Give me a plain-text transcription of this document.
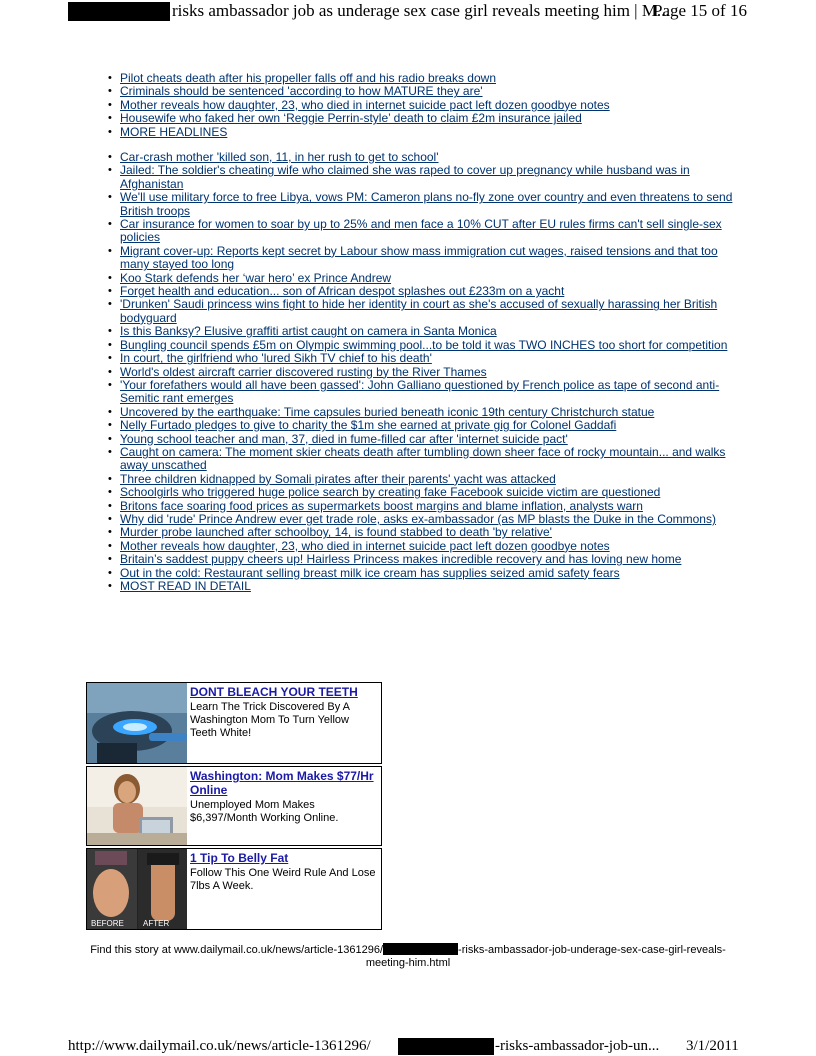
risks ambassador job as underage sex case girl reveals meeting him | M...
Page 15 of 16
• Pilot cheats death after his propeller falls off and his radio breaks down
• Criminals should be sentenced 'according to how MATURE they are'
• Mother reveals how daughter, 23, who died in internet suicide pact left dozen goodbye notes
• Housewife who faked her own ‘Reggie Perrin-style’ death to claim £2m insurance jailed
• MORE HEADLINES
• Car-crash mother 'killed son, 11, in her rush to get to school'
• Jailed: The soldier's cheating wife who claimed she was raped to cover up pregnancy while husband was in Afghanistan
• We'll use military force to free Libya, vows PM: Cameron plans no-fly zone over country and even threatens to send British troops
• Car insurance for women to soar by up to 25% and men face a 10% CUT after EU rules firms can't sell single-sex policies
• Migrant cover-up: Reports kept secret by Labour show mass immigration cut wages, raised tensions and that too many stayed too long
• Koo Stark defends her ‘war hero’ ex Prince Andrew
• Forget health and education... son of African despot splashes out £233m on a yacht
• 'Drunken' Saudi princess wins fight to hide her identity in court as she's accused of sexually harassing her British bodyguard
• Is this Banksy? Elusive graffiti artist caught on camera in Santa Monica
• Bungling council spends £5m on Olympic swimming pool...to be told it was TWO INCHES too short for competition
• In court, the girlfriend who 'lured Sikh TV chief to his death'
• World's oldest aircraft carrier discovered rusting by the River Thames
• 'Your forefathers would all have been gassed': John Galliano questioned by French police as tape of second anti-Semitic rant emerges
• Uncovered by the earthquake: Time capsules buried beneath iconic 19th century Christchurch statue
• Nelly Furtado pledges to give to charity the $1m she earned at private gig for Colonel Gaddafi
• Young school teacher and man, 37, died in fume-filled car after 'internet suicide pact'
• Caught on camera: The moment skier cheats death after tumbling down sheer face of rocky mountain... and walks away unscathed
• Three children kidnapped by Somali pirates after their parents' yacht was attacked
• Schoolgirls who triggered huge police search by creating fake Facebook suicide victim are questioned
• Britons face soaring food prices as supermarkets boost margins and blame inflation, analysts warn
• Why did 'rude' Prince Andrew ever get trade role, asks ex-ambassador (as MP blasts the Duke in the Commons)
• Murder probe launched after schoolboy, 14, is found stabbed to death 'by relative'
• Mother reveals how daughter, 23, who died in internet suicide pact left dozen goodbye notes
• Britain’s saddest puppy cheers up! Hairless Princess makes incredible recovery and has loving new home
• Out in the cold: Restaurant selling breast milk ice cream has supplies seized amid safety fears
• MOST READ IN DETAIL
DONT BLEACH YOUR TEETH
Learn The Trick Discovered By A Washington Mom To Turn Yellow Teeth White!
Washington: Mom Makes $77/Hr Online
Unemployed Mom Makes $6,397/Month Working Online.
BEFORE AFTER
1 Tip To Belly Fat
Follow This One Weird Rule And Lose 7lbs A Week.
Find this story at www.dailymail.co.uk/news/article-1361296/	-risks-ambassador-job-underage-sex-case-girl-reveals-meeting-him.html
http://www.dailymail.co.uk/news/article-1361296/	-risks-ambassador-job-un... 3/1/2011
